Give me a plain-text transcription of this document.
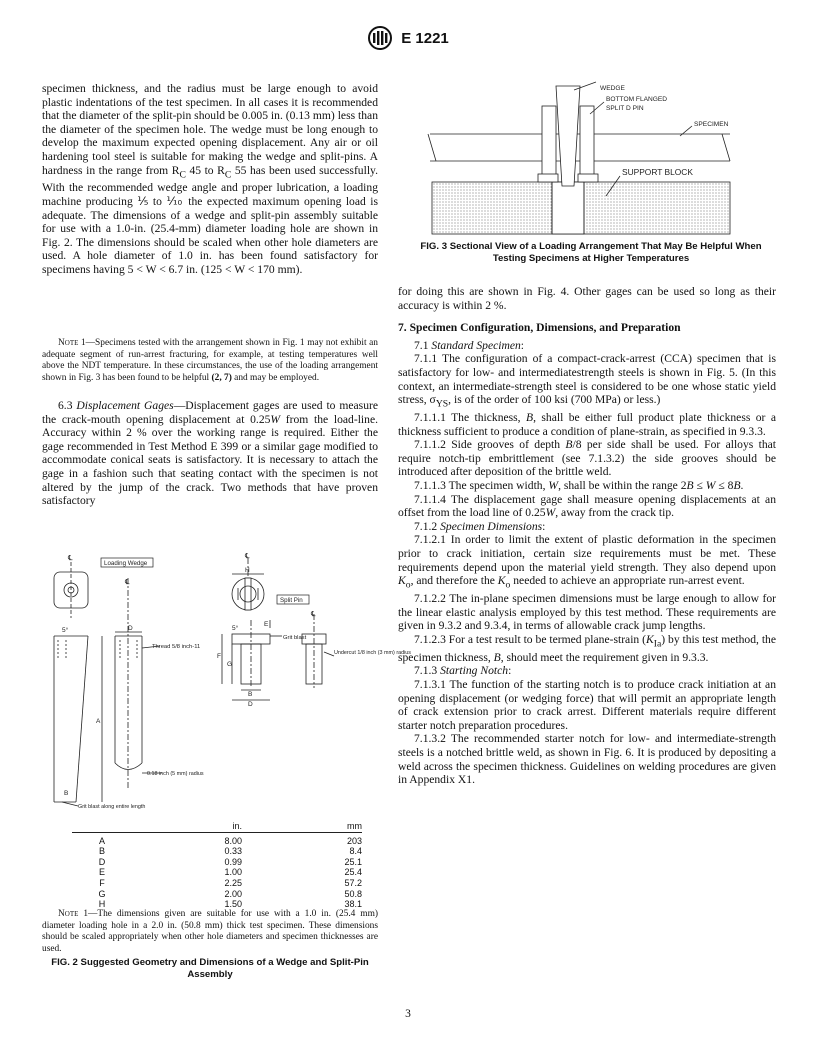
E 1221

specimen thickness, and the radius must be large enough to avoid plastic indentations of the test specimen. In all cases it is recommended that the diameter of the split-pin should be 0.005 in. (0.13 mm) less than the diameter of the specimen hole. The wedge must be long enough to develop the maximum expected opening displacement. Any air or oil hardening tool steel is suitable for making the wedge and split-pins. A hardness in the range from $R_C$ 45 to $R_C$ 55 has been used successfully. With the recommended wedge angle and proper lubrication, a loading machine producing ⅕ to ⅒ the expected maximum opening load is adequate. The dimensions of a wedge and split-pin assembly suitable for use with a 1.0-in. (25.4-mm) diameter loading hole are shown in Fig. 2. The dimensions should be scaled when other hole diameters are used. A hole diameter of 1.0 in. has been found satisfactory for specimens having 5 < W < 6.7 in. (125 < W < 170 mm).

Note 1—Specimens tested with the arrangement shown in Fig. 1 may not exhibit an adequate segment of run-arrest fracturing, for example, at testing temperatures well above the NDT temperature. In these circumstances, the use of the loading arrangement shown in Fig. 3 has been found to be helpful (2, 7) and may be employed.

6.3 Displacement Gages—Displacement gages are used to measure the crack-mouth opening displacement at 0.25W from the load-line. Accuracy within 2 % over the working range is required. Either the gage recommended in Test Method E 399 or a similar gage modified to accommodate conical seats is satisfactory. It is necessary to attach the gage in a fashion such that seating contact with the specimen is not altered by the jump of the crack. Two methods that have proven satisfactory

℄
Loading Wedge
5°
℄
D
Thread 5/8 inch-11
A
B
0.18 inch (5 mm) radius
Grit blast along entire length
℄
H
Split Pin
5°
Grit blast
F
G
B
D
℄
Undercut 1/8 inch (3 mm) radius
E
	in.	mm

A	8.00	203
B	0.33	8.4
D	0.99	25.1
E	1.00	25.4
F	2.25	57.2
G	2.00	50.8
H	1.50	38.1
Note 1—The dimensions given are suitable for use with a 1.0 in. (25.4 mm) diameter loading hole in a 2.0 in. (50.8 mm) thick test specimen. These dimensions should be scaled appropriately when other hole diameters and specimen thicknesses are used.
FIG. 2 Suggested Geometry and Dimensions of a Wedge and Split-Pin Assembly
WEDGE
BOTTOM FLANGED
SPLIT D PIN
SPECIMEN
SUPPORT BLOCK
FIG. 3 Sectional View of a Loading Arrangement That May Be Helpful When Testing Specimens at Higher Temperatures

for doing this are shown in Fig. 4. Other gages can be used so long as their accuracy is within 2 %.

7. Specimen Configuration, Dimensions, and Preparation

7.1 Standard Specimen:

7.1.1 The configuration of a compact-crack-arrest (CCA) specimen that is satisfactory for low- and intermediatestrength steels is shown in Fig. 5. (In this context, an intermediate-strength steel is considered to be one whose static yield stress, $\sigma_{YS}$, is of the order of 100 ksi (700 MPa) or less.)

7.1.1.1 The thickness, B, shall be either full product plate thickness or a thickness sufficient to produce a condition of plane-strain, as specified in 9.3.3.

7.1.1.2 Side grooves of depth B/8 per side shall be used. For alloys that require notch-tip embrittlement (see 7.1.3.2) the side grooves should be introduced after deposition of the brittle weld.

7.1.1.3 The specimen width, W, shall be within the range 2B ≤ W ≤ 8B.

7.1.1.4 The displacement gage shall measure opening displacements at an offset from the load line of 0.25W, away from the crack tip.

7.1.2 Specimen Dimensions:

7.1.2.1 In order to limit the extent of plastic deformation in the specimen prior to crack initiation, certain size requirements must be met. These requirements depend upon the material yield strength. They also depend upon $K_o$, and therefore the $K_o$ needed to achieve an appropriate run-arrest event.

7.1.2.2 The in-plane specimen dimensions must be large enough to allow for the linear elastic analysis employed by this test method. These requirements are given in 9.3.2 and 9.3.4, in terms of allowable crack jump lengths.

7.1.2.3 For a test result to be termed plane-strain $(K_{Ia})$ by this test method, the specimen thickness, B, should meet the requirement given in 9.3.3.

7.1.3 Starting Notch:

7.1.3.1 The function of the starting notch is to produce crack initiation at an opening displacement (or wedging force) that will permit an appropriate length of crack extension prior to crack arrest. Different materials require different starter notch preparation procedures.

7.1.3.2 The recommended starter notch for low- and intermediate-strength steels is a notched brittle weld, as shown in Fig. 6. It is produced by depositing a weld across the specimen thickness. Guidelines on welding procedures are given in Appendix X1.

3
